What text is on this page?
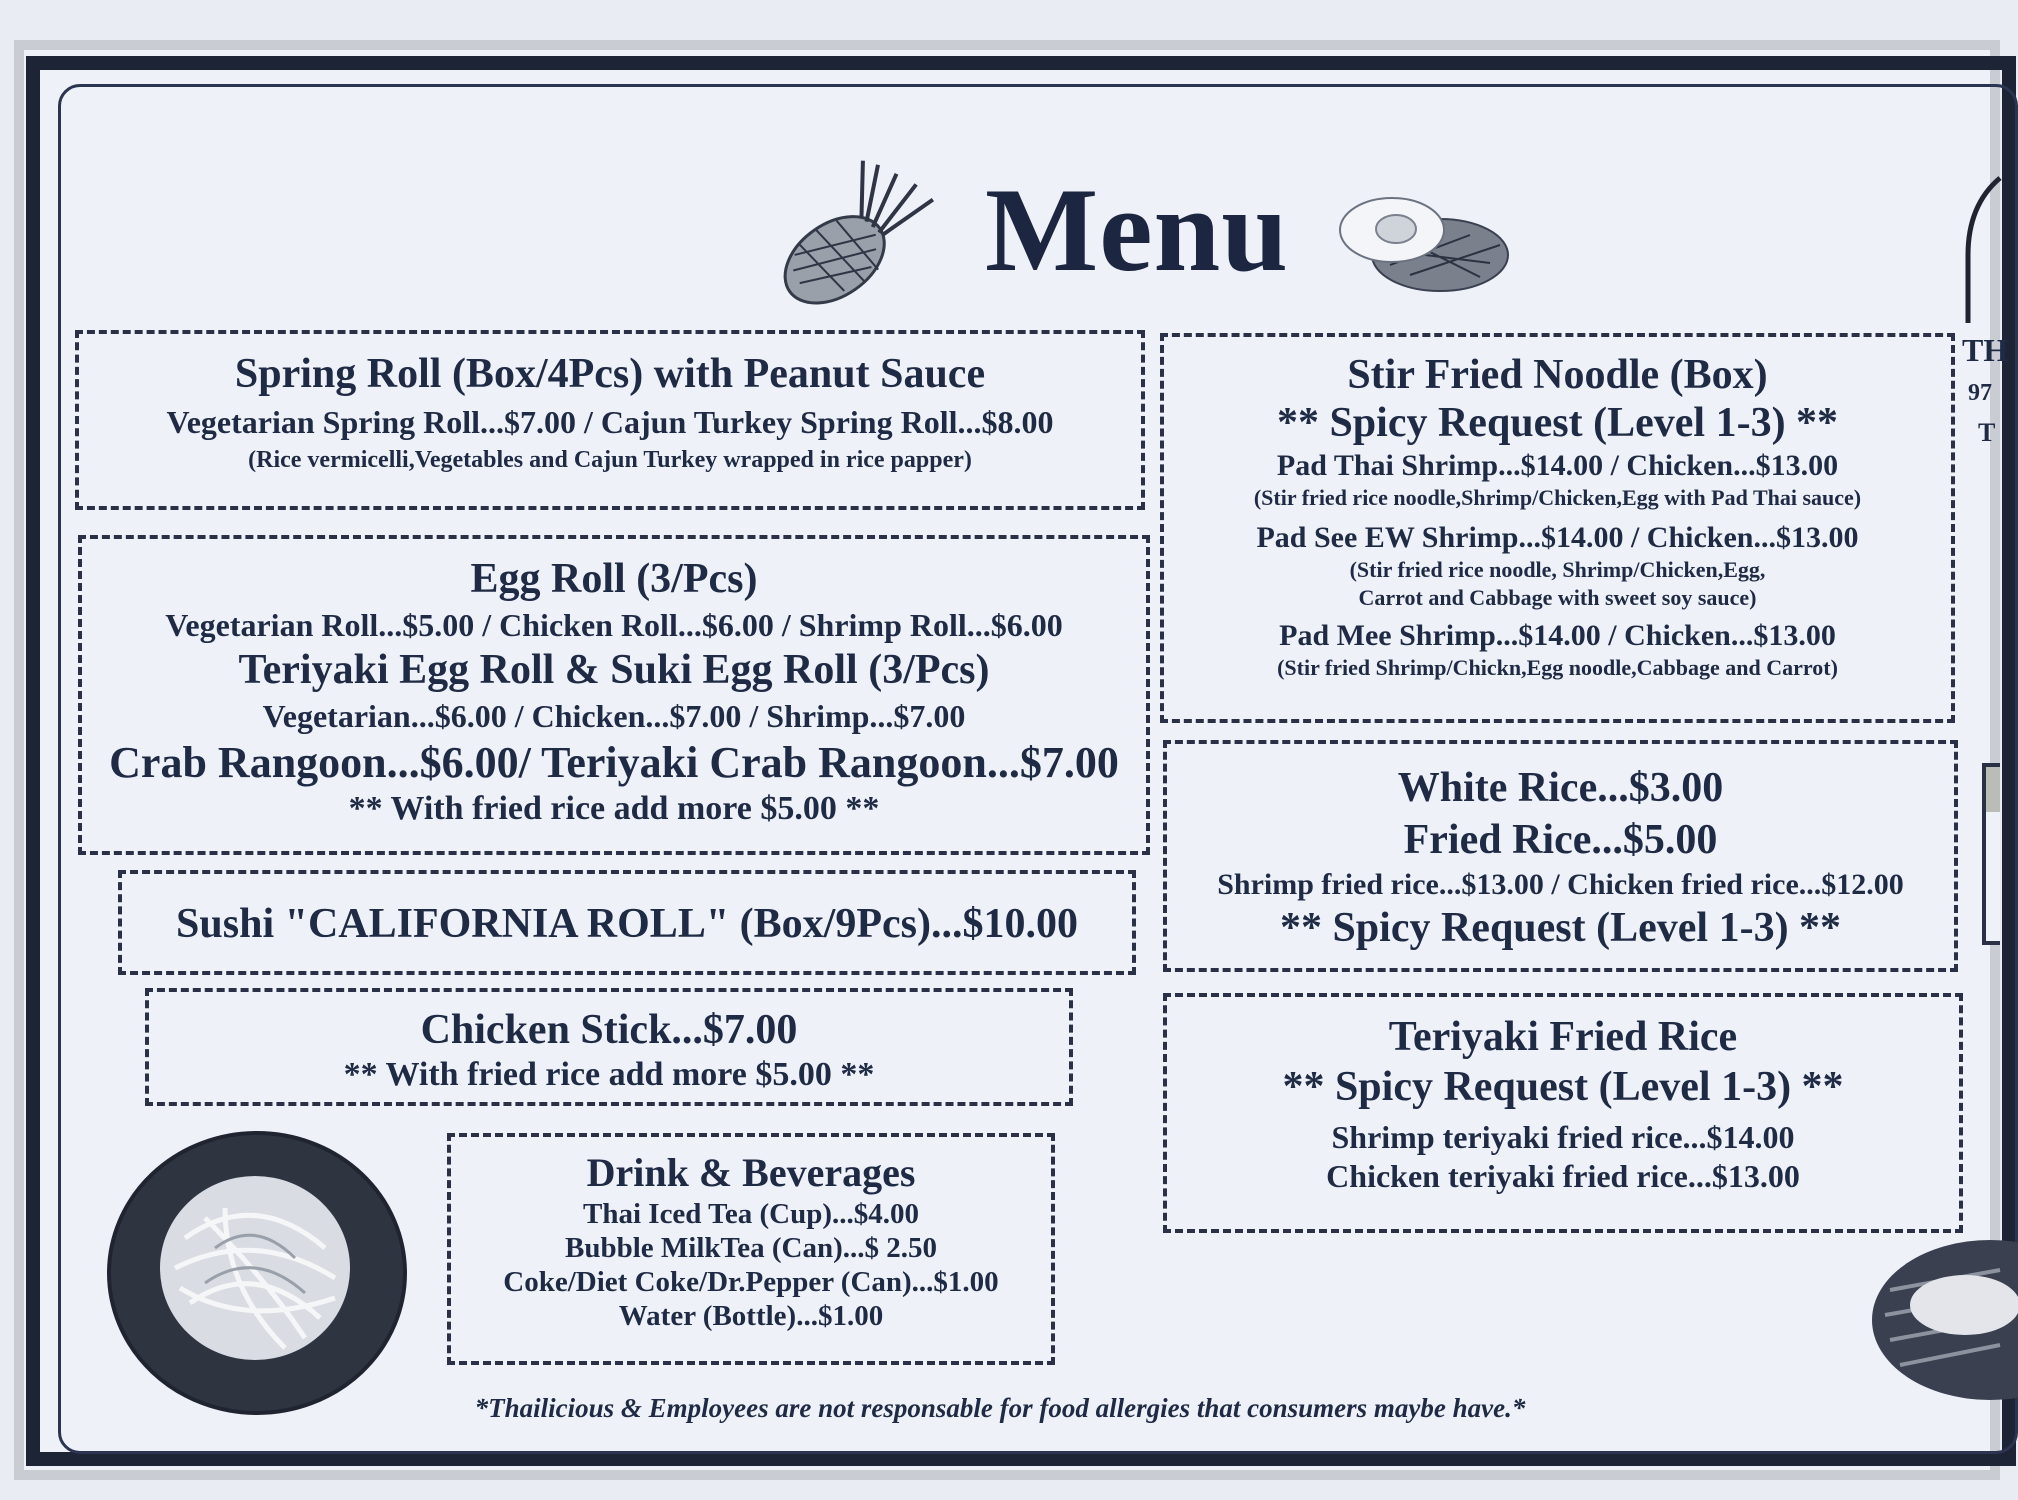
Menu
Spring Roll (Box/4Pcs) with Peanut Sauce
Vegetarian Spring Roll...$7.00 / Cajun Turkey Spring Roll...$8.00
(Rice vermicelli,Vegetables and Cajun Turkey wrapped in rice papper)
Egg Roll (3/Pcs)
Vegetarian Roll...$5.00 / Chicken Roll...$6.00 / Shrimp Roll...$6.00
Teriyaki Egg Roll & Suki Egg Roll (3/Pcs)
Vegetarian...$6.00 / Chicken...$7.00 / Shrimp...$7.00
Crab Rangoon...$6.00/ Teriyaki Crab Rangoon...$7.00
** With fried rice add more $5.00 **
Sushi "CALIFORNIA ROLL" (Box/9Pcs)...$10.00
Chicken Stick...$7.00
** With fried rice add more $5.00 **
Drink & Beverages
Thai Iced Tea (Cup)...$4.00
Bubble MilkTea (Can)...$ 2.50
Coke/Diet Coke/Dr.Pepper (Can)...$1.00
Water (Bottle)...$1.00
Stir Fried Noodle (Box)
** Spicy Request (Level 1-3) **
Pad Thai Shrimp...$14.00 / Chicken...$13.00
(Stir fried rice noodle,Shrimp/Chicken,Egg with Pad Thai sauce)
Pad See EW Shrimp...$14.00 / Chicken...$13.00
(Stir fried rice noodle, Shrimp/Chicken,Egg,
Carrot and Cabbage with sweet soy sauce)
Pad Mee Shrimp...$14.00 / Chicken...$13.00
(Stir fried Shrimp/Chickn,Egg noodle,Cabbage and Carrot)
White Rice...$3.00
Fried Rice...$5.00
Shrimp fried rice...$13.00 / Chicken fried rice...$12.00
** Spicy Request (Level 1-3) **
Teriyaki Fried Rice
** Spicy Request (Level 1-3) **
Shrimp teriyaki fried rice...$14.00
Chicken teriyaki fried rice...$13.00
TH
97
T
*Thailicious & Employees are not responsable for food allergies that consumers maybe have.*
